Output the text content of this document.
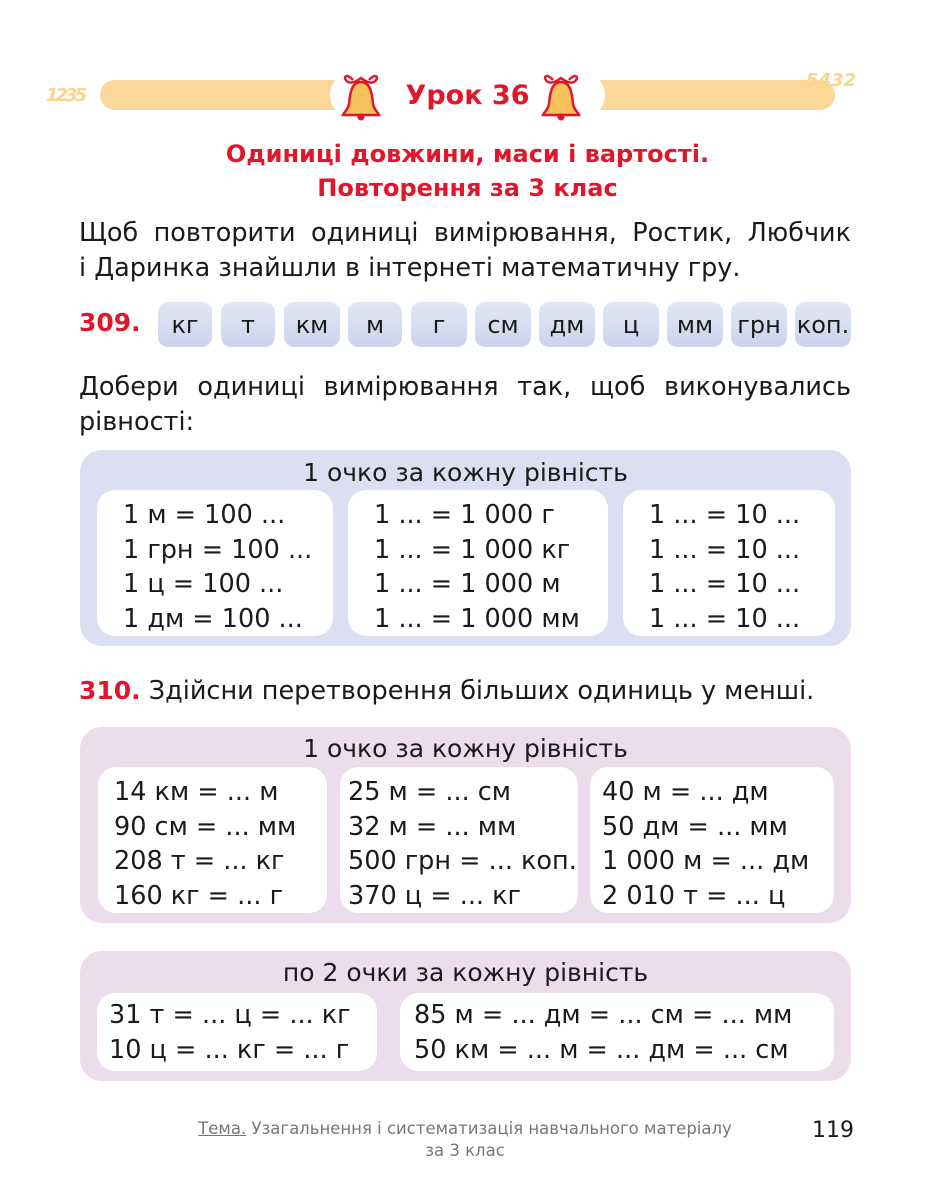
1235
5432
Урок 36
Одиниці довжини, маси і вартості.
Повторення за 3 клас
Щоб повторити одиниці вимірювання, Ростик, Любчик
і Даринка знайшли в інтернеті математичну гру.
309.	кг	т	км	м	г	см	дм	ц	мм	грн коп.
Добери одиниці вимірювання так, щоб виконувались
рівності:
1 очко за кожну рівність
1 м = 100 ...
1 грн = 100 ...
1 ц = 100 ...
1 дм = 100 ...
1 ... = 1 000 г
1 ... = 1 000 кг
1 ... = 1 000 м
1 ... = 1 000 мм
1 ... = 10 ...
1 ... = 10 ...
1 ... = 10 ...
1 ... = 10 ...
310. Здійсни перетворення більших одиниць у менші.
1 очко за кожну рівність
14 км = ... м
90 см = ... мм
208 т = ... кг
160 кг = ... г
25 м = ... см
32 м = ... мм
500 грн = ... коп.
370 ц = ... кг
40 м = ... дм
50 дм = ... мм
1 000 м = ... дм
2 010 т = ... ц
по 2 очки за кожну рівність
31 т = ... ц = ... кг
10 ц = ... кг = ... г
85 м = ... дм = ... см = ... мм
50 км = ... м = ... дм = ... см
Тема. Узагальнення і систематизація навчального матеріалу
за 3 клас
119
